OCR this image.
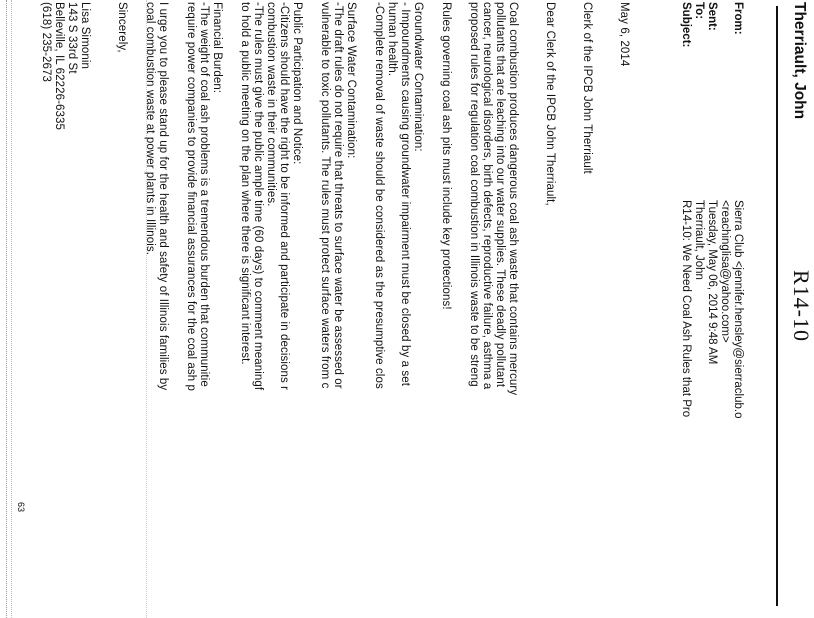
R14-10
Therriault, John
From:
Sierra Club <jennifer.hensley@sierraclub.o
<reachinglisa@yahoo.com>
Sent:
Tuesday, May 06, 2014 9:48 AM
To:
Therriault, John
Subject:
R14-10: We Need Coal Ash Rules that Pro
May 6, 2014
Clerk of the IPCB John Therriault
Dear Clerk of the IPCB John Therriault,
Coal combustion produces dangerous coal ash waste that contains mercury
pollutants that are leaching into our water supplies. These deadly pollutant
cancer, neurological disorders, birth defects, reproductive failure, asthma a
proposed rules for regulation coal combustion in Illinois waste to be streng
Rules governing coal ash pits must include key protections!
Groundwater Contamination:
- Impoundments causing groundwater impairment must be closed by a set
human health.
-Complete removal of waste should be considered as the presumptive clos
Surface Water Contamination:
-The draft rules do not require that threats to surface water be assessed or
vulnerable to toxic pollutants. The rules must protect surface waters from c
Public Participation and Notice:
-Citizens should have the right to be informed and participate in decisions r
combustion waste in their communities.
-The rules must give the public ample time (60 days) to comment meaningf
to hold a public meeting on the plan where there is significant interest.
Financial Burden:
-The weight of coal ash problems is a tremendous burden that communitie
require power companies to provide financial assurances for the coal ash p
I urge you to please stand up for the health and safety of Illinois families by
coal combustion waste at power plants in Illinois.
Sincerely,
Lisa Simonin
143 S 33rd St
Belleville, IL 62226-6335
(618) 235-2673
63
